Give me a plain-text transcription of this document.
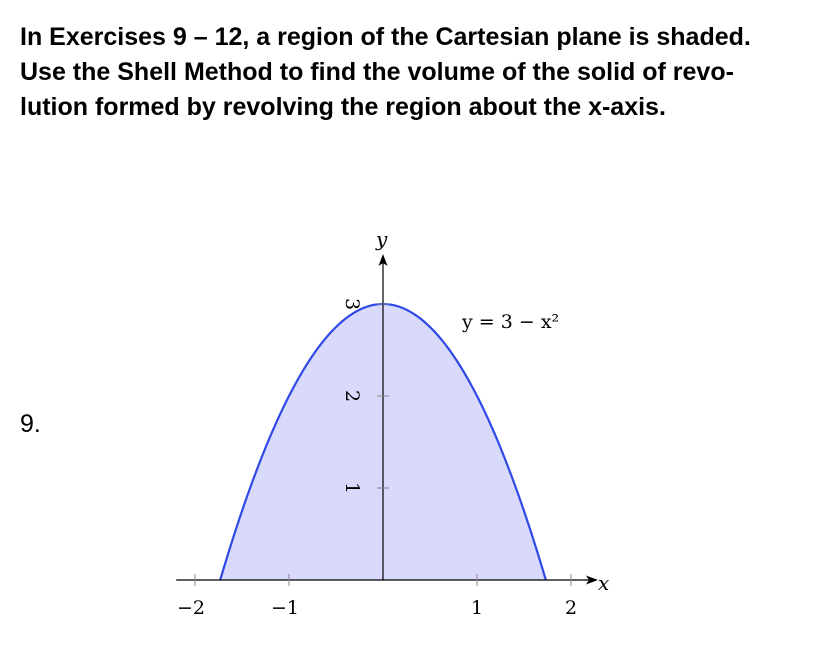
In Exercises 9 – 12, a region of the Cartesian plane is shaded.
Use the Shell Method to find the volume of the solid of revo-
lution formed by revolving the region about the x-axis.
9.
−2	−1	1	2
1
2
3
x
y
y = 3 − x²
